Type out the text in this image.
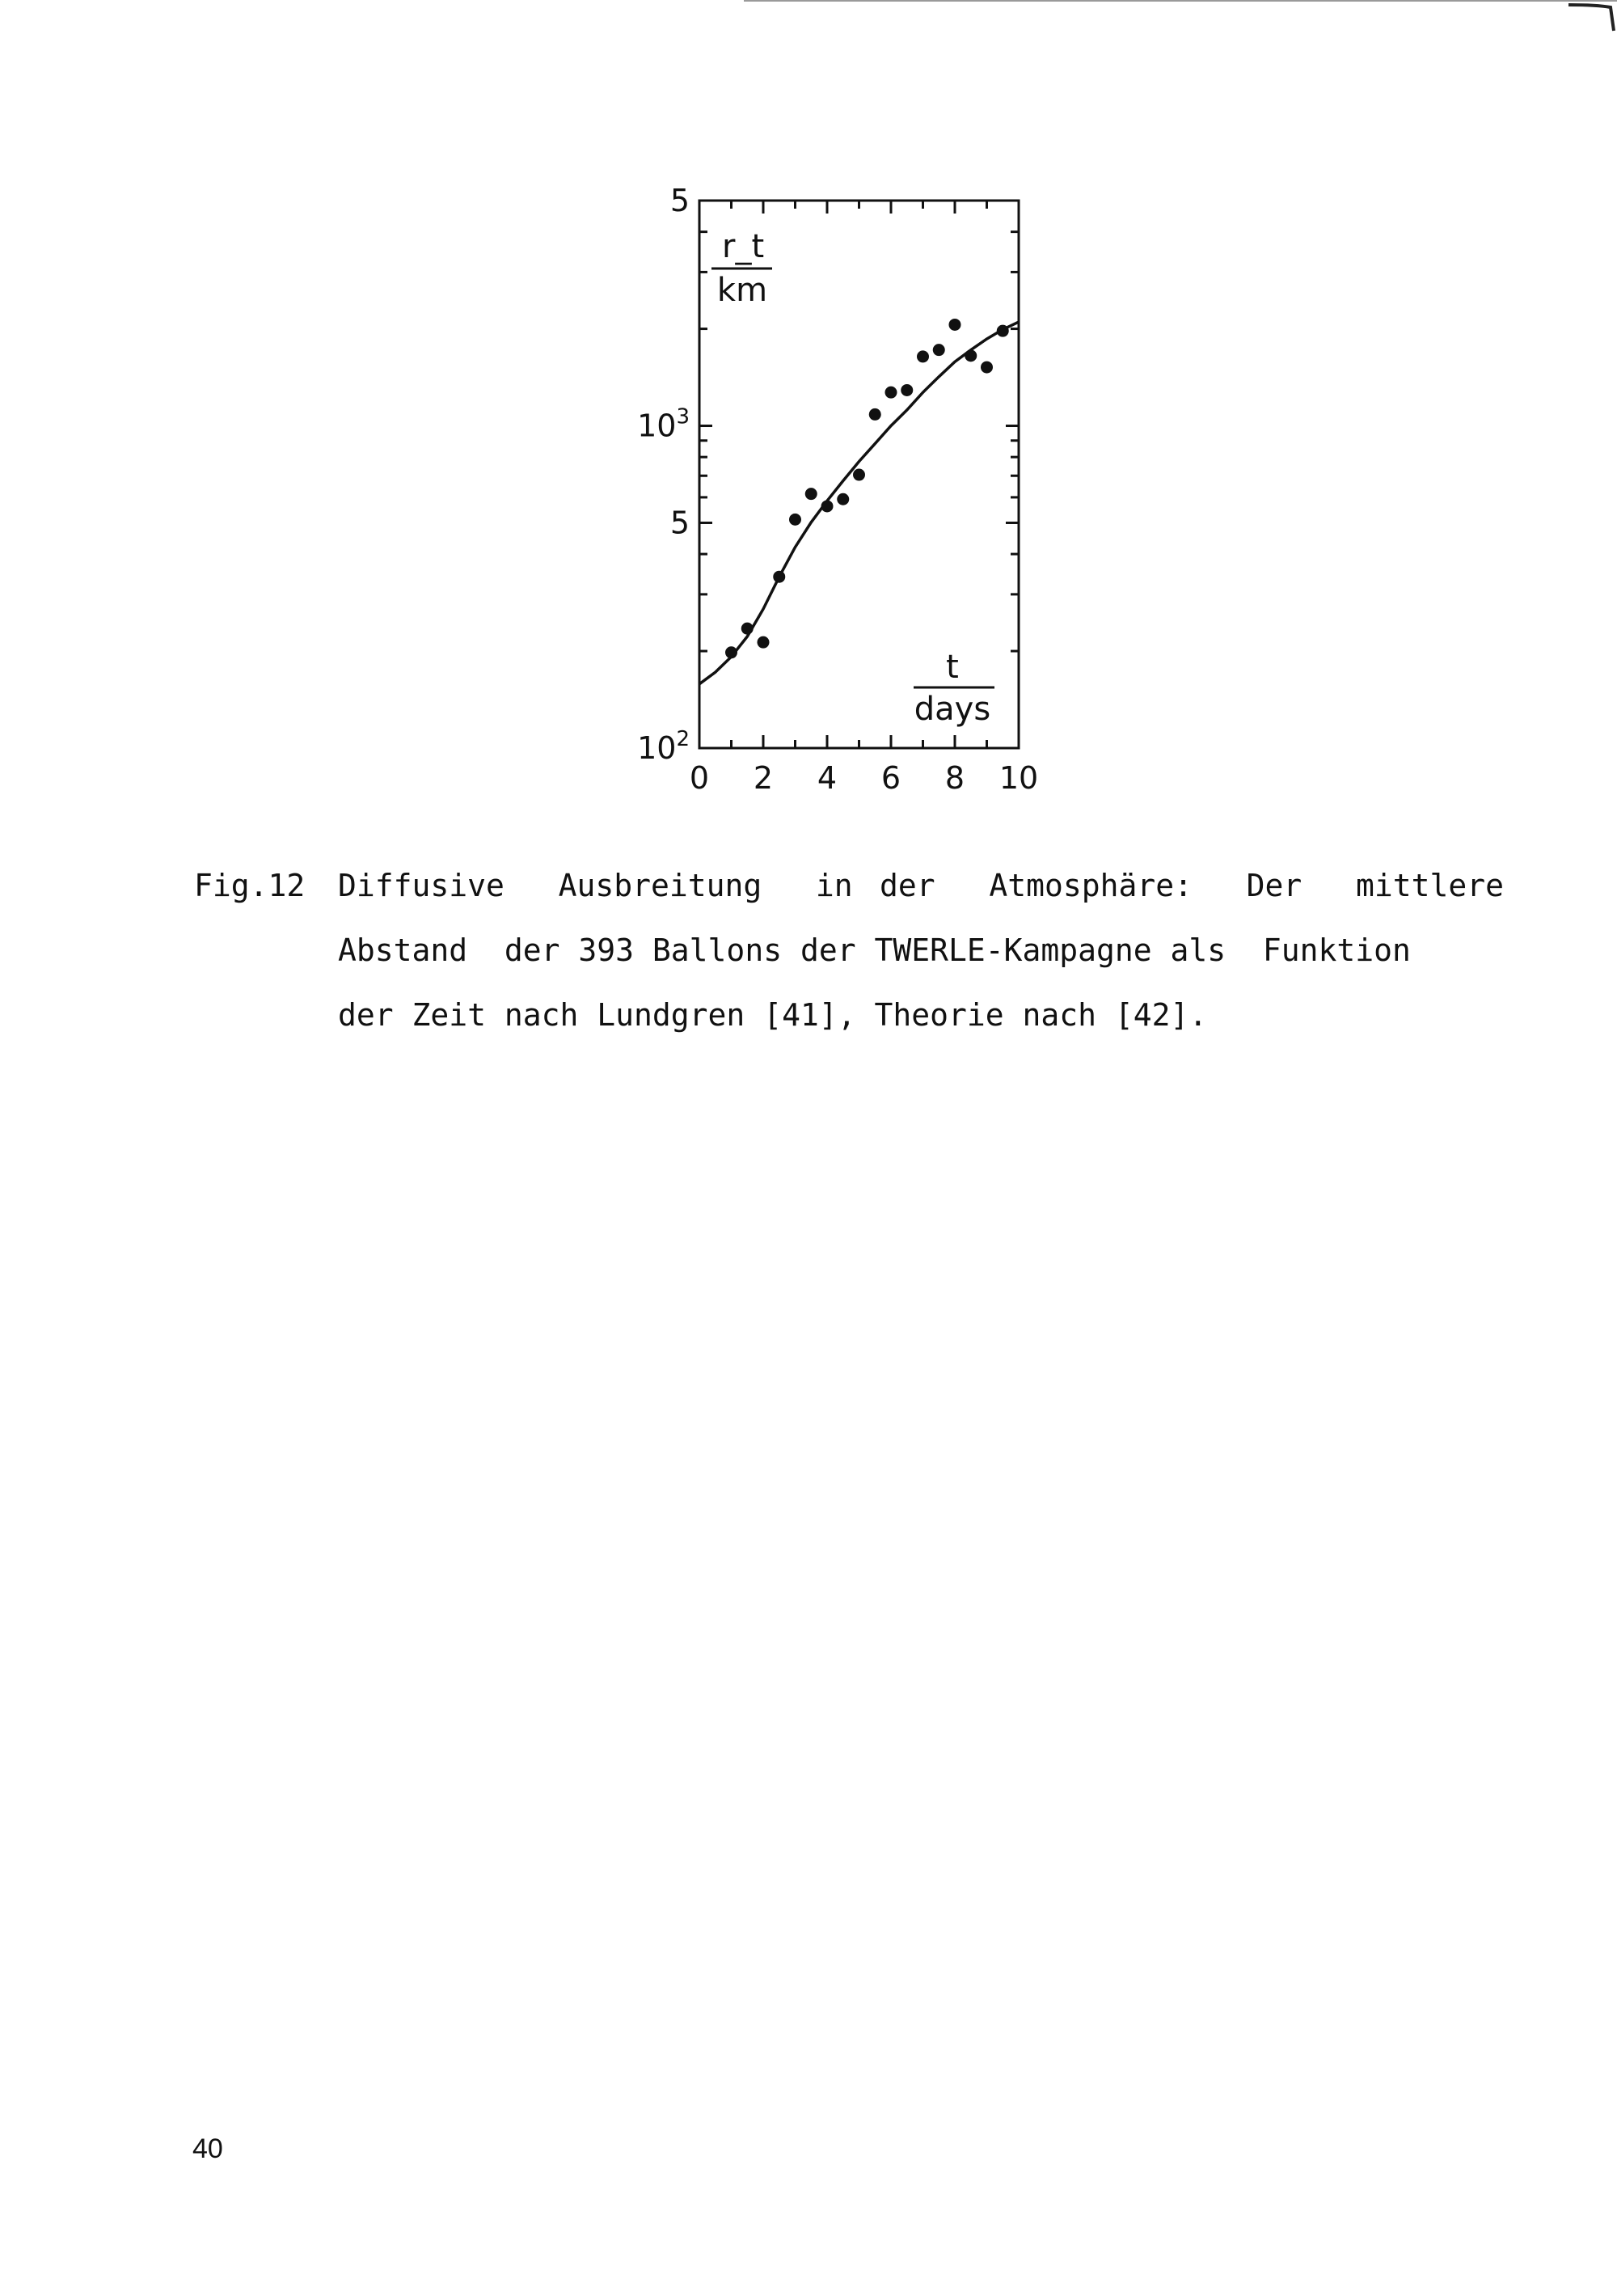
$10^2$
5
$10^3$
5
0 2 4 6 8 10
r_t
km
t
days
Fig.12	Diffusive  Ausbreitung  in der  Atmosphäre:  Der  mittlere
Abstand  der 393 Ballons der TWERLE-Kampagne als  Funktion
der Zeit nach Lundgren [41], Theorie nach [42].
40
